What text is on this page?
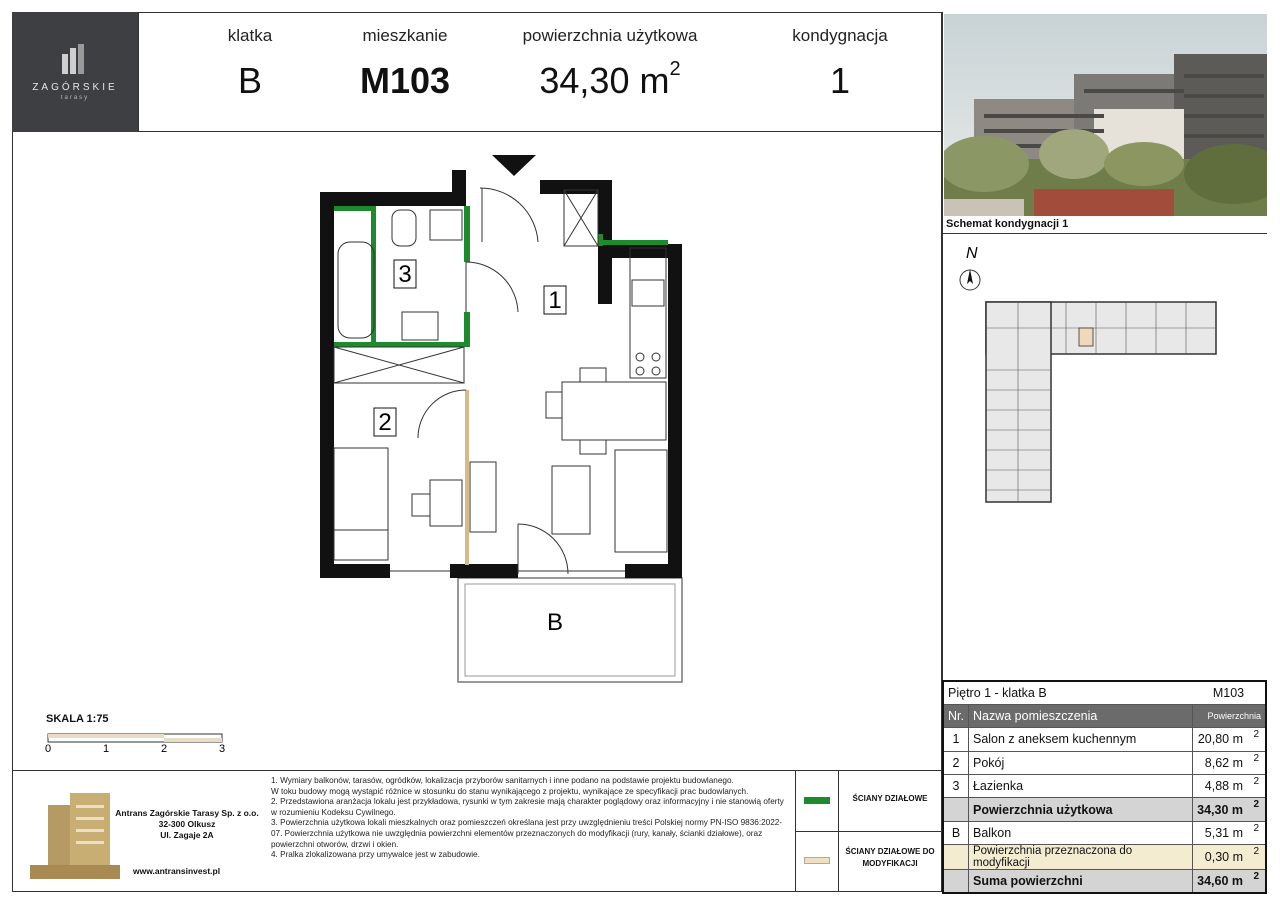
ZAGÓRSKIE
tarasy
klatka
B
mieszkanie
M103
powierzchnia użytkowa
34,30 $m^2$
kondygnacja
1
Schemat kondygnacji 1
N
B
1
2
3
SKALA 1:75
0	1	2	3
Antrans Zagórskie Tarasy Sp. z o.o.
32-300 Olkusz
Ul. Zagaje 2A
www.antransinvest.pl
1. Wymiary balkonów, tarasów, ogródków, lokalizacja przyborów sanitarnych i inne podano na podstawie projektu budowlanego.
W toku budowy mogą wystąpić różnice w stosunku do stanu wynikającego z projektu, wynikające ze specyfikacji prac budowlanych.
2. Przedstawiona aranżacja lokalu jest przykładowa, rysunki w tym zakresie mają charakter poglądowy oraz informacyjny i nie stanowią oferty w rozumieniu Kodeksu Cywilnego.
3. Powierzchnia użytkowa lokali mieszkalnych oraz pomieszczeń określana jest przy uwzględnieniu treści Polskiej normy PN-ISO 9836:2022-07. Powierzchnia użytkowa nie uwzględnia powierzchni elementów przeznaczonych do modyfikacji (rury, kanały, ścianki działowe), oraz powierzchni otworów, drzwi i okien.
4. Pralka zlokalizowana przy umywalce jest w zabudowie.
ŚCIANY DZIAŁOWE
ŚCIANY DZIAŁOWE DO MODYFIKACJI
Piętro 1 - klatka B		M103
Nr.	Nazwa pomieszczenia	Powierzchnia
1	Salon z aneksem kuchennym	20,80 m 2

2	Pokój	8,62 m 2

3	Łazienka	4,88 m 2

	Powierzchnia użytkowa	34,30 m 2

B	Balkon	5,31 m 2

	Powierzchnia przeznaczona do modyfikacji	0,30 m 2

	Suma powierzchni	34,60 m 2
